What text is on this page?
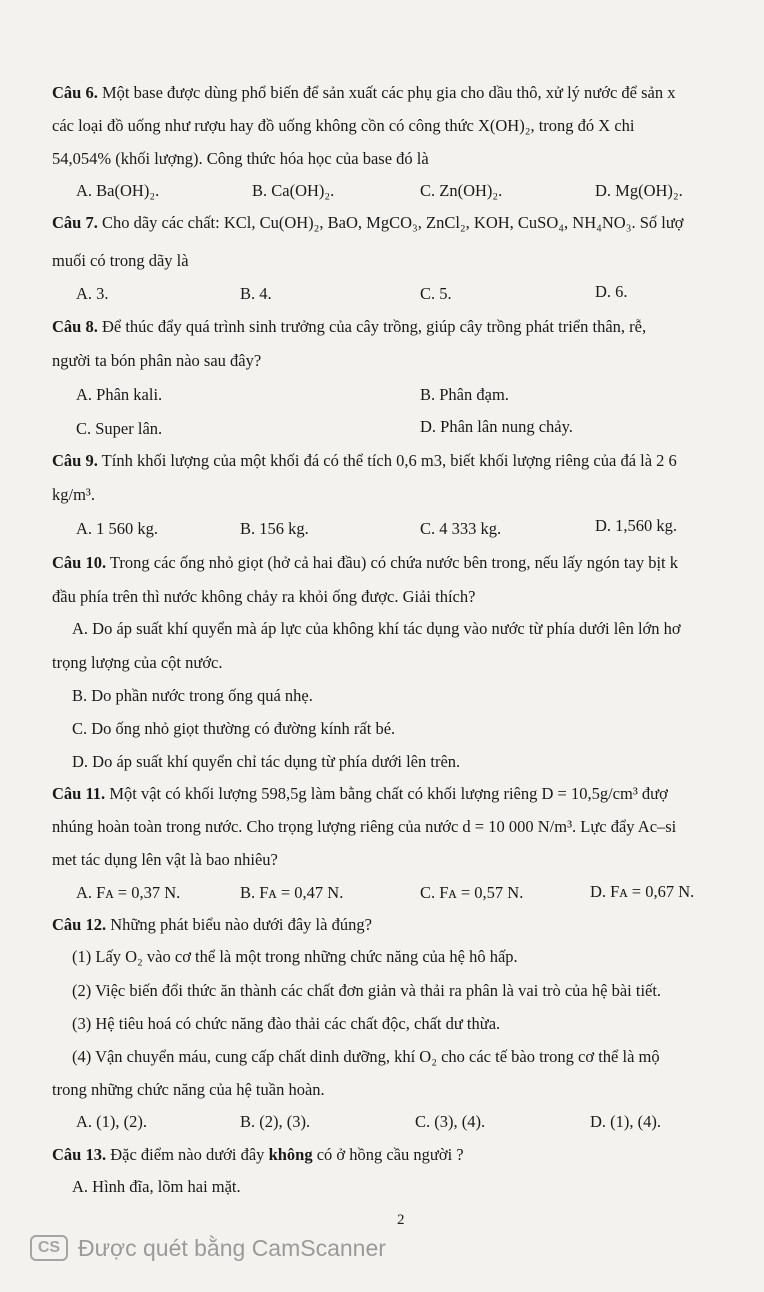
Câu 6. Một base được dùng phổ biến để sản xuất các phụ gia cho dầu thô, xử lý nước để sản x
các loại đồ uống như rượu hay đồ uống không cồn có công thức X(OH)₂, trong đó X chi
54,054% (khối lượng). Công thức hóa học của base đó là
A. Ba(OH)₂.	B. Ca(OH)₂.	C. Zn(OH)₂.	D. Mg(OH)₂.
Câu 7. Cho dãy các chất: KCl, Cu(OH)₂, BaO, MgCO₃, ZnCl₂, KOH, CuSO₄, NH₄NO₃. Số lượ
muối có trong dãy là
A. 3.	B. 4.	C. 5.	D. 6.
Câu 8. Để thúc đẩy quá trình sinh trưởng của cây trồng, giúp cây trồng phát triển thân, rễ,
người ta bón phân nào sau đây?
A. Phân kali.	B. Phân đạm.
C. Super lân.	D. Phân lân nung chảy.
Câu 9. Tính khối lượng của một khối đá có thể tích 0,6 m3, biết khối lượng riêng của đá là 2 6
kg/m³.
A. 1 560 kg.	B. 156 kg.	C. 4 333 kg.	D. 1,560 kg.
Câu 10. Trong các ống nhỏ giọt (hở cả hai đầu) có chứa nước bên trong, nếu lấy ngón tay bịt k
đầu phía trên thì nước không chảy ra khỏi ống được. Giải thích?
A. Do áp suất khí quyển mà áp lực của không khí tác dụng vào nước từ phía dưới lên lớn hơ
trọng lượng của cột nước.
B. Do phần nước trong ống quá nhẹ.
C. Do ống nhỏ giọt thường có đường kính rất bé.
D. Do áp suất khí quyển chỉ tác dụng từ phía dưới lên trên.
Câu 11. Một vật có khối lượng 598,5g làm bằng chất có khối lượng riêng D = 10,5g/cm³ đượ
nhúng hoàn toàn trong nước. Cho trọng lượng riêng của nước d = 10 000 N/m³. Lực đẩy Ac–si
met tác dụng lên vật là bao nhiêu?
A. Fᴀ = 0,37 N.	B. Fᴀ = 0,47 N.	C. Fᴀ = 0,57 N.	D. Fᴀ = 0,67 N.
Câu 12. Những phát biểu nào dưới đây là đúng?
(1) Lấy O₂ vào cơ thể là một trong những chức năng của hệ hô hấp.
(2) Việc biến đổi thức ăn thành các chất đơn giản và thải ra phân là vai trò của hệ bài tiết.
(3) Hệ tiêu hoá có chức năng đào thải các chất độc, chất dư thừa.
(4) Vận chuyển máu, cung cấp chất dinh dưỡng, khí O₂ cho các tế bào trong cơ thể là mộ
trong những chức năng của hệ tuần hoàn.
A. (1), (2).	B. (2), (3).	C. (3), (4).	D. (1), (4).
Câu 13. Đặc điểm nào dưới đây không có ở hồng cầu người ?
A. Hình đĩa, lõm hai mặt.
2
CS Được quét bằng CamScanner
